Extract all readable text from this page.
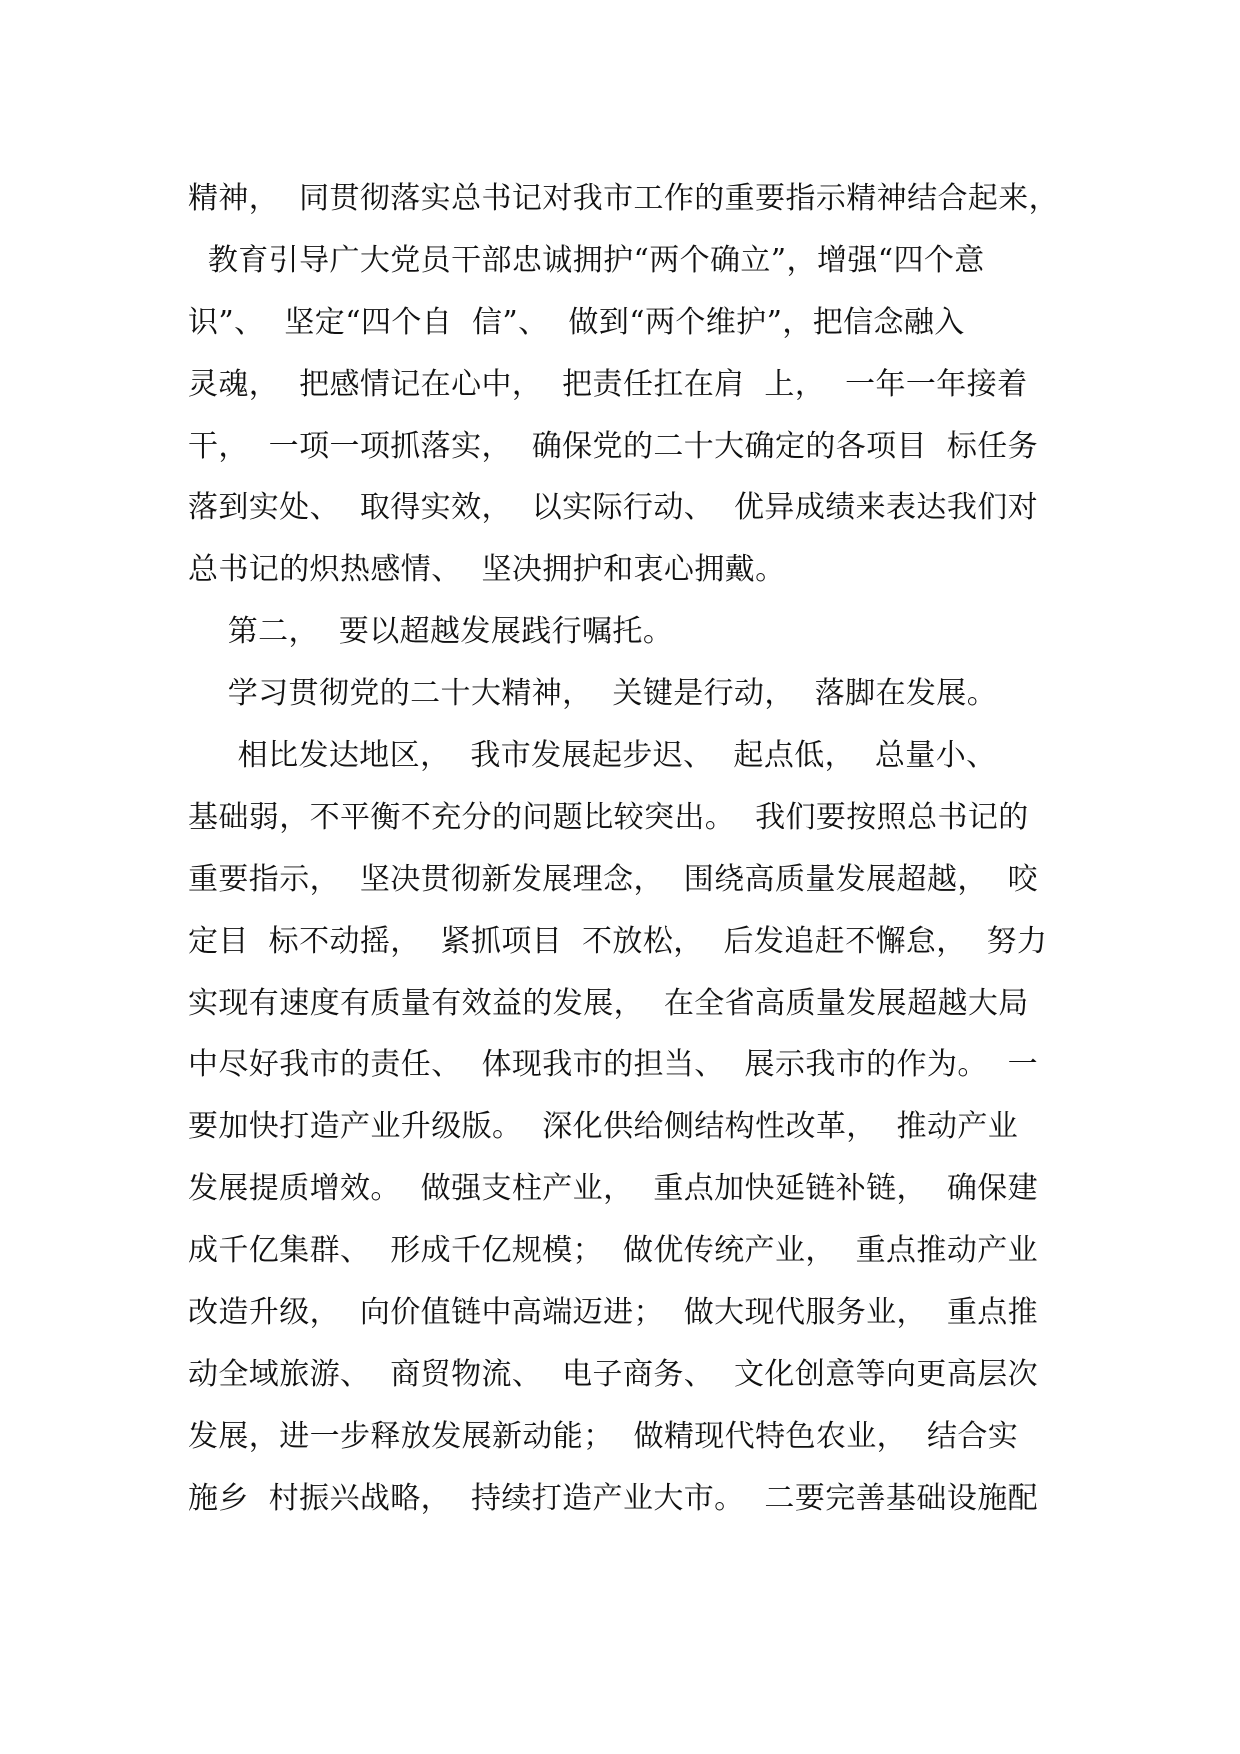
精神，  同贯彻落实总书记对我市工作的重要指示精神结合起来，
教育引导广大党员干部忠诚拥护“两个确立”，增强“四个意
识”、  坚定“四个自  信”、  做到“两个维护”，把信念融入
灵魂，  把感情记在心中，  把责任扛在肩  上，  一年一年接着
干，  一项一项抓落实，  确保党的二十大确定的各项目  标任务
落到实处、  取得实效，  以实际行动、  优异成绩来表达我们对
总书记的炽热感情、  坚决拥护和衷心拥戴。
第二，  要以超越发展践行嘱托。
学习贯彻党的二十大精神，  关键是行动，  落脚在发展。
相比发达地区，  我市发展起步迟、  起点低，  总量小、
基础弱，不平衡不充分的问题比较突出。  我们要按照总书记的
重要指示，  坚决贯彻新发展理念，  围绕高质量发展超越，  咬
定目  标不动摇，  紧抓项目  不放松，  后发追赶不懈怠，  努力
实现有速度有质量有效益的发展，  在全省高质量发展超越大局
中尽好我市的责任、  体现我市的担当、  展示我市的作为。  一
要加快打造产业升级版。  深化供给侧结构性改革，  推动产业
发展提质增效。  做强支柱产业，  重点加快延链补链，  确保建
成千亿集群、  形成千亿规模；  做优传统产业，  重点推动产业
改造升级，  向价值链中高端迈进；  做大现代服务业，  重点推
动全域旅游、  商贸物流、  电子商务、  文化创意等向更高层次
发展，进一步释放发展新动能；  做精现代特色农业，  结合实
施乡  村振兴战略，  持续打造产业大市。  二要完善基础设施配
